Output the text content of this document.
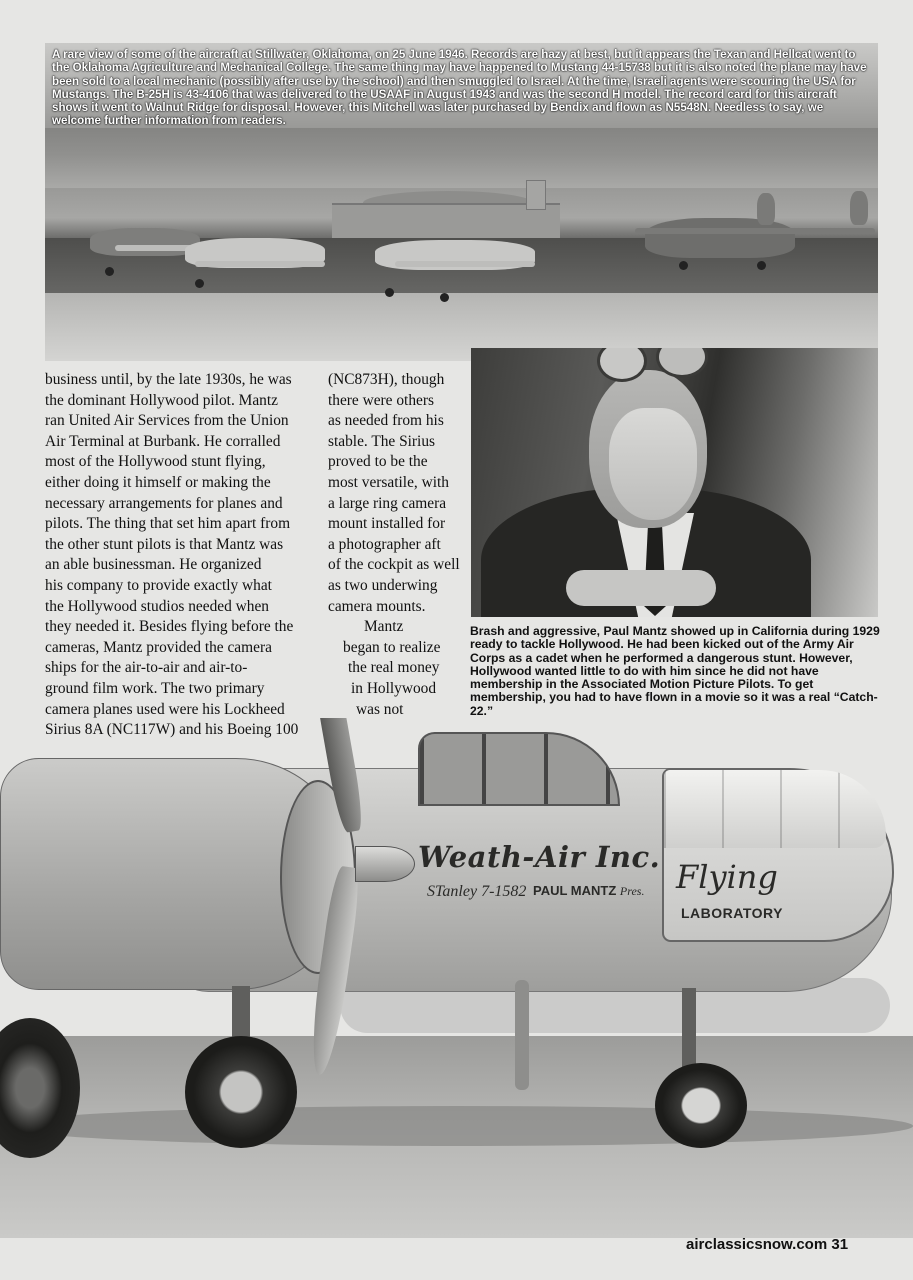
A rare view of some of the aircraft at Stillwater, Oklahoma, on 25 June 1946. Records are hazy at best, but it appears the Texan and Hellcat went to the Oklahoma Agriculture and Mechanical College. The same thing may have happened to Mustang 44-15738 but it is also noted the plane may have been sold to a local mechanic (possibly after use by the school) and then smuggled to Israel. At the time, Israeli agents were scouring the USA for Mustangs. The B-25H is 43-4106 that was delivered to the USAAF in August 1943 and was the second H model. The record card for this aircraft shows it went to Walnut Ridge for disposal. However, this Mitchell was later purchased by Bendix and flown as N5548N. Needless to say, we welcome further information from readers.

business until, by the late 1930s, he was
the dominant Hollywood pilot. Mantz
ran United Air Services from the Union
Air Terminal at Burbank. He corralled
most of the Hollywood stunt flying,
either doing it himself or making the
necessary arrangements for planes and
pilots. The thing that set him apart from
the other stunt pilots is that Mantz was
an able businessman. He organized
his company to provide exactly what
the Hollywood studios needed when
they needed it. Besides flying before the
cameras, Mantz provided the camera
ships for the air-to-air and air-to-
ground film work. The two primary
camera planes used were his Lockheed
Sirius 8A (NC117W) and his Boeing 100
(NC873H), though
there were others
as needed from his
stable. The Sirius
proved to be the
most versatile, with
a large ring camera
mount installed for
a photographer aft
of the cockpit as well
as two underwing
camera mounts.
Mantz
began to realize
the real money
in Hollywood
was not

Brash and aggressive, Paul Mantz showed up in California during 1929 ready to tackle Hollywood. He had been kicked out of the Army Air Corps as a cadet when he performed a dangerous stunt. However, Hollywood wanted little to do with him since he did not have membership in the Associated Motion Picture Pilots. To get membership, you had to have flown in a movie so it was a real “Catch-22.”

Weath-Air Inc.
STanley 7-1582 PAUL MANTZ Pres. Flying
LABORATORY

airclassicsnow.com 31
